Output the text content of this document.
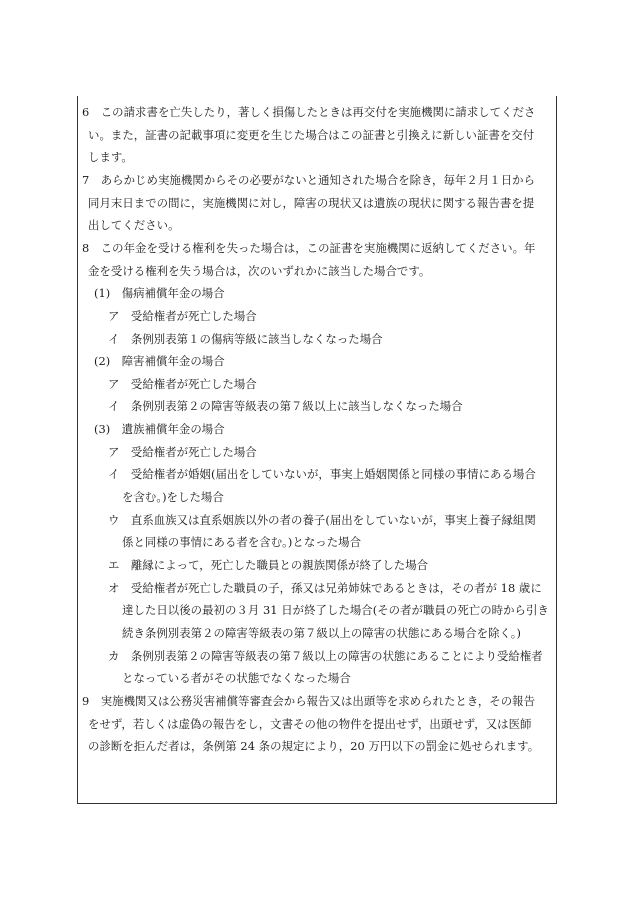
6　この請求書を亡失したり，著しく損傷したときは再交付を実施機関に請求してくださ
い。また，証書の記載事項に変更を生じた場合はこの証書と引換えに新しい証書を交付
します。
7　あらかじめ実施機関からその必要がないと通知された場合を除き，毎年２月１日から
同月末日までの間に，実施機関に対し，障害の現状又は遺族の現状に関する報告書を提
出してください。
8　この年金を受ける権利を失った場合は，この証書を実施機関に返納してください。年
金を受ける権利を失う場合は，次のいずれかに該当した場合です。
(1)　傷病補償年金の場合
ア　受給権者が死亡した場合
イ　条例別表第１の傷病等級に該当しなくなった場合
(2)　障害補償年金の場合
ア　受給権者が死亡した場合
イ　条例別表第２の障害等級表の第７級以上に該当しなくなった場合
(3)　遺族補償年金の場合
ア　受給権者が死亡した場合
イ　受給権者が婚姻(届出をしていないが，事実上婚姻関係と同様の事情にある場合
を含む。)をした場合
ウ　直系血族又は直系姻族以外の者の養子(届出をしていないが，事実上養子縁組関
係と同様の事情にある者を含む。)となった場合
エ　離縁によって，死亡した職員との親族関係が終了した場合
オ　受給権者が死亡した職員の子，孫又は兄弟姉妹であるときは，その者が 18 歳に
達した日以後の最初の３月 31 日が終了した場合(その者が職員の死亡の時から引き
続き条例別表第２の障害等級表の第７級以上の障害の状態にある場合を除く。)
カ　条例別表第２の障害等級表の第７級以上の障害の状態にあることにより受給権者
となっている者がその状態でなくなった場合
9　実施機関又は公務災害補償等審査会から報告又は出頭等を求められたとき，その報告
をせず，若しくは虚偽の報告をし，文書その他の物件を提出せず，出頭せず，又は医師
の診断を拒んだ者は，条例第 24 条の規定により，20 万円以下の罰金に処せられます。
